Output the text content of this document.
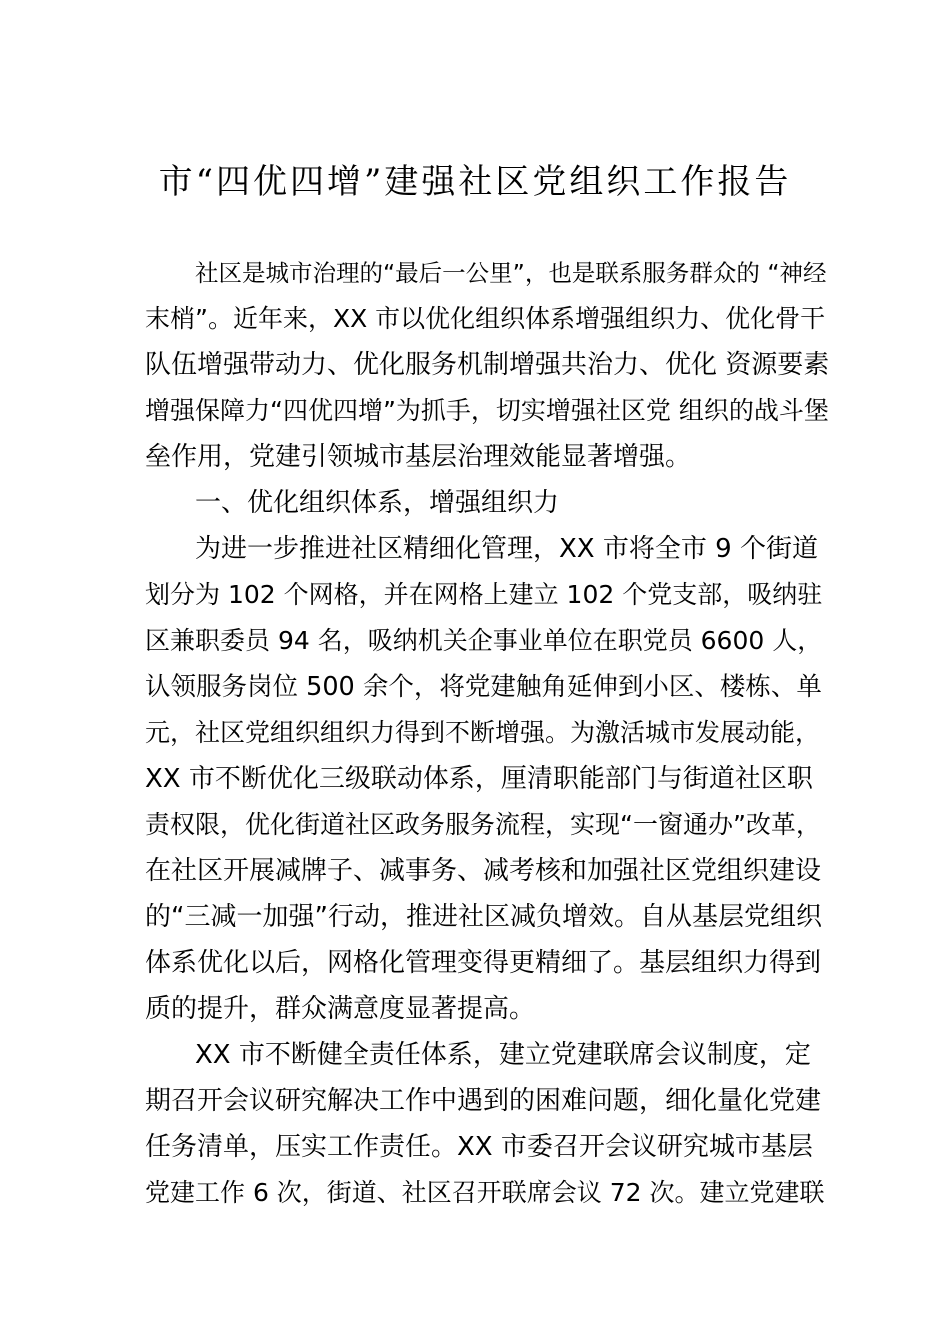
市“四优四增”建强社区党组织工作报告
社区是城市治理的“最后一公里”，也是联系服务群众的 “神经
末梢”。近年来，XX 市以优化组织体系增强组织力、优化骨干
队伍增强带动力、优化服务机制增强共治力、优化 资源要素
增强保障力“四优四增”为抓手，切实增强社区党 组织的战斗堡
垒作用，党建引领城市基层治理效能显著增强。
一、优化组织体系，增强组织力
为进一步推进社区精细化管理，XX 市将全市 9 个街道
划分为 102 个网格，并在网格上建立 102 个党支部，吸纳驻
区兼职委员 94 名，吸纳机关企事业单位在职党员 6600 人，
认领服务岗位 500 余个，将党建触角延伸到小区、楼栋、单
元，社区党组织组织力得到不断增强。为激活城市发展动能，
XX 市不断优化三级联动体系，厘清职能部门与街道社区职
责权限，优化街道社区政务服务流程，实现“一窗通办”改革，
在社区开展减牌子、减事务、减考核和加强社区党组织建设
的“三减一加强”行动，推进社区减负增效。自从基层党组织
体系优化以后，网格化管理变得更精细了。基层组织力得到
质的提升，群众满意度显著提高。
XX 市不断健全责任体系，建立党建联席会议制度，定
期召开会议研究解决工作中遇到的困难问题，细化量化党建
任务清单，压实工作责任。XX 市委召开会议研究城市基层
党建工作 6 次，街道、社区召开联席会议 72 次。建立党建联
